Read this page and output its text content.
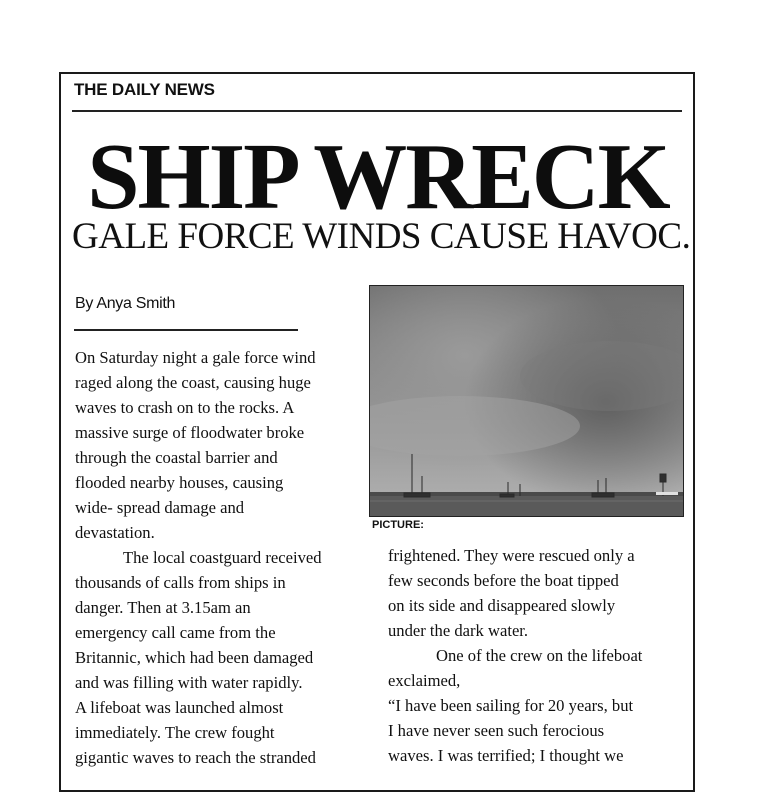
THE DAILY NEWS
SHIP WRECK
GALE FORCE WINDS CAUSE HAVOC.
By Anya Smith
On Saturday night a gale force wind
raged along the coast, causing huge
waves to crash on to the rocks. A
massive surge of floodwater broke
through the coastal barrier and
flooded nearby houses, causing
wide- spread damage and
devastation.
The local coastguard received
thousands of calls from ships in
danger. Then at 3.15am an
emergency call came from the
Britannic, which had been damaged
and was filling with water rapidly.
A lifeboat was launched almost
immediately. The crew fought
gigantic waves to reach the stranded
PICTURE:
frightened. They were rescued only a
few seconds before the boat tipped
on its side and disappeared slowly
under the dark water.
One of the crew on the lifeboat
exclaimed,
“I have been sailing for 20 years, but
I have never seen such ferocious
waves. I was terrified; I thought we
